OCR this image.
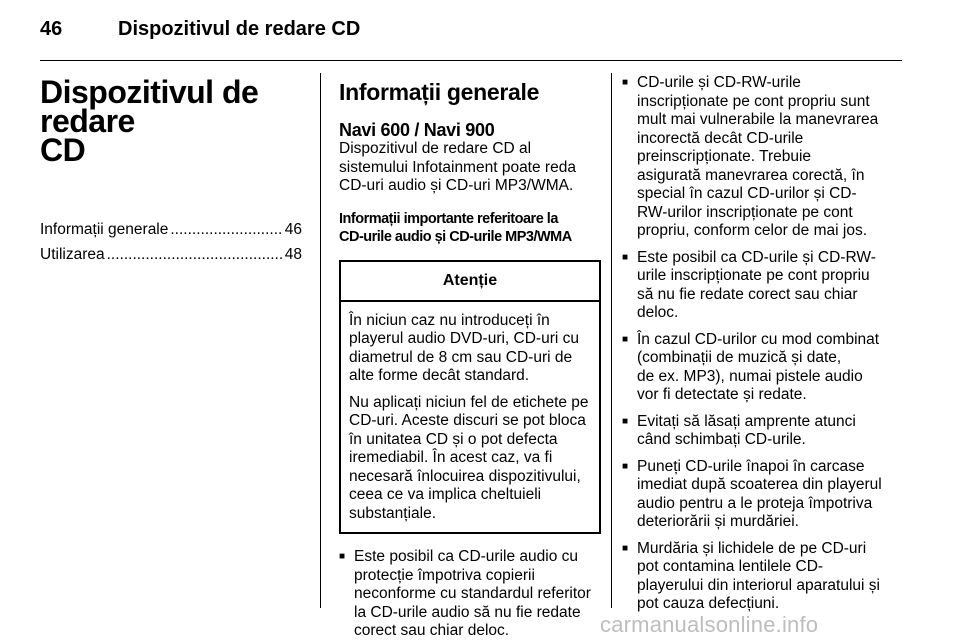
46	Dispozitivul de redare CD
Dispozitivul de redare
CD
Informații generale .....	46
Utilizarea .....	48
Informații generale
Navi 600 / Navi 900

Dispozitivul de redare CD al
sistemului Infotainment poate reda
CD-uri audio și CD-uri MP3/WMA.

Informații importante referitoare la
CD-urile audio și CD-urile MP3/WMA
Atenție

În niciun caz nu introduceți în
playerul audio DVD-uri, CD-uri cu
diametrul de 8 cm sau CD-uri de
alte forme decât standard.

Nu aplicați niciun fel de etichete pe
CD-uri. Aceste discuri se pot bloca
în unitatea CD și o pot defecta
iremediabil. În acest caz, va fi
necesară înlocuirea dispozitivului,
ceea ce va implica cheltuieli
substanțiale.

■ Este posibil ca CD-urile audio cu
protecție împotriva copierii
neconforme cu standardul referitor
la CD-urile audio să nu fie redate
corect sau chiar deloc.
■ CD-urile și CD-RW-urile
inscripționate pe cont propriu sunt
mult mai vulnerabile la manevrarea
incorectă decât CD-urile
preinscripționate. Trebuie
asigurată manevrarea corectă, în
special în cazul CD-urilor și CD-
RW-urilor inscripționate pe cont
propriu, conform celor de mai jos.
■ Este posibil ca CD-urile și CD-RW-
urile inscripționate pe cont propriu
să nu fie redate corect sau chiar
deloc.
■ În cazul CD-urilor cu mod combinat
(combinații de muzică și date,
de ex. MP3), numai pistele audio
vor fi detectate și redate.
■ Evitați să lăsați amprente atunci
când schimbați CD-urile.
■ Puneți CD-urile înapoi în carcase
imediat după scoaterea din playerul
audio pentru a le proteja împotriva
deteriorării și murdăriei.
■ Murdăria și lichidele de pe CD-uri
pot contamina lentilele CD-
playerului din interiorul aparatului și
pot cauza defecțiuni.
carmanualsonline.info
